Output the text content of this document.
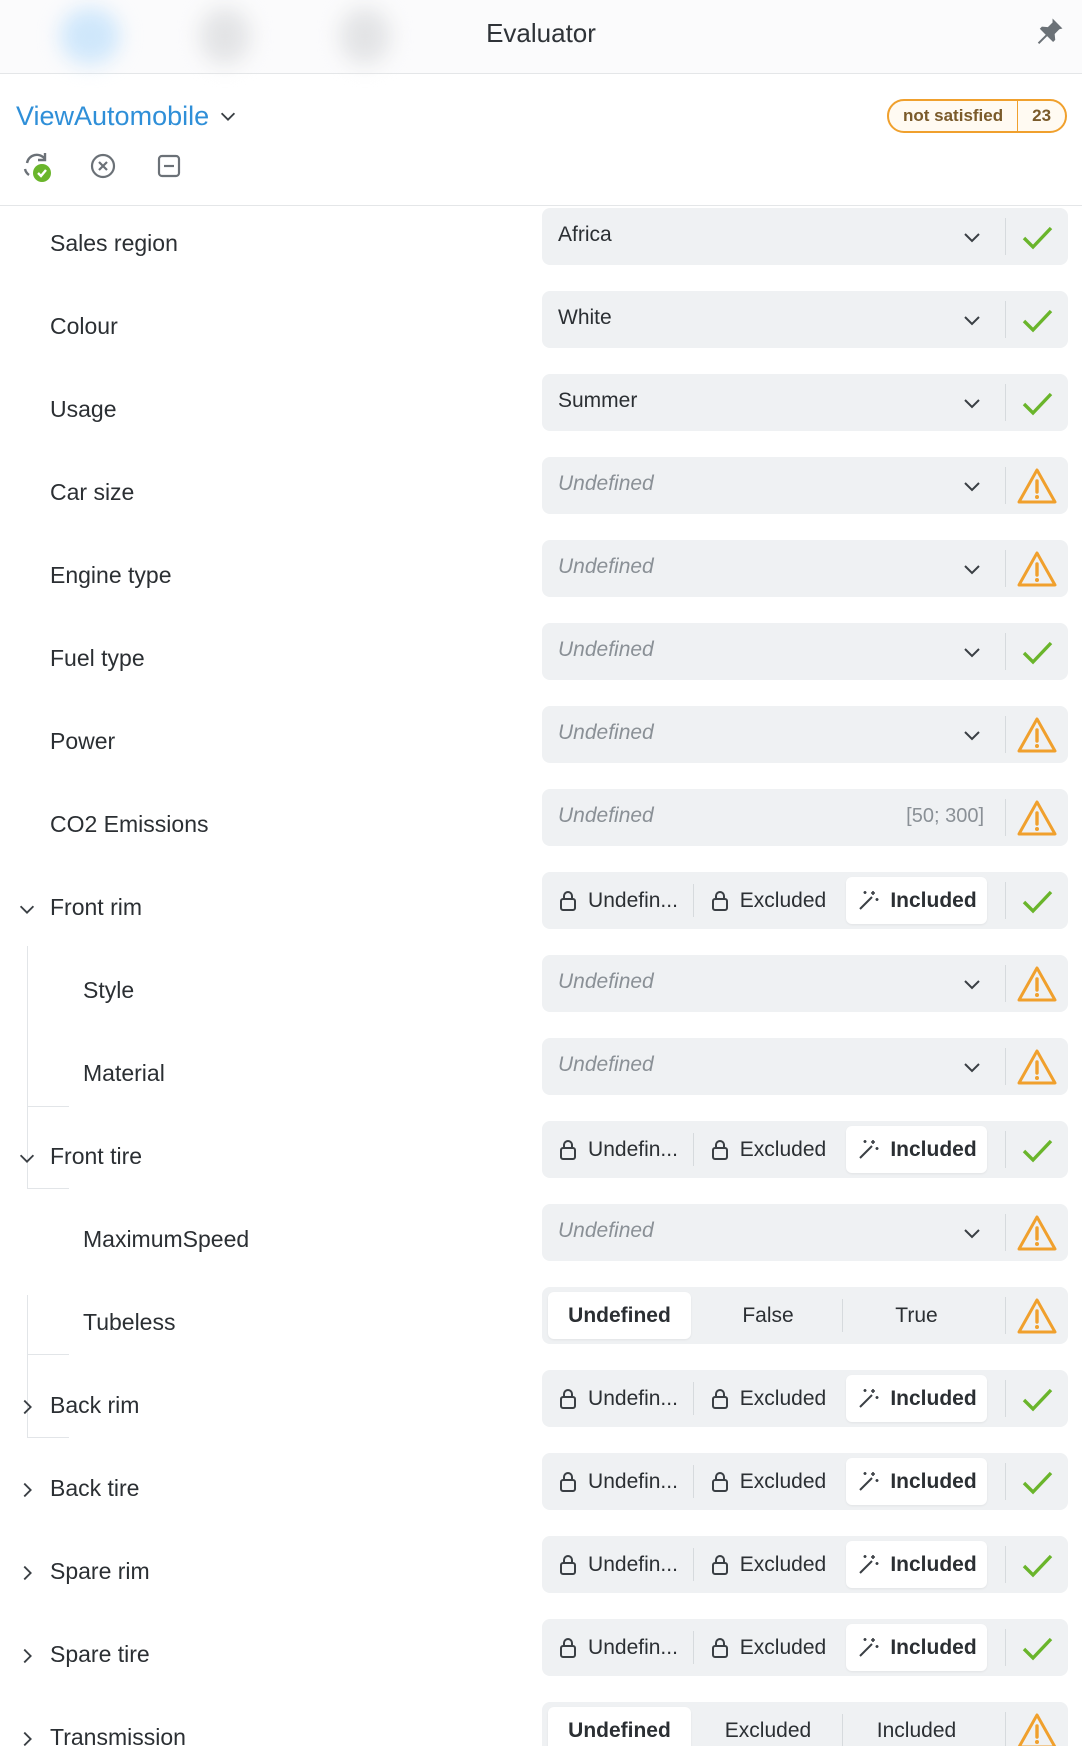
Evaluator
ViewAutomobile	not satisfied	23
Sales region	Africa
Colour	White
Usage	Summer
Car size	Undefined
Engine type	Undefined
Fuel type	Undefined
Power	Undefined
CO2 Emissions	Undefined	[50; 300]
Front rim	Undefin...	Excluded	Included
Style	Undefined
Material	Undefined
Front tire	Undefin...	Excluded	Included
MaximumSpeed	Undefined
Tubeless	Undefined	False	True
Back rim	Undefin...	Excluded	Included
Back tire	Undefin...	Excluded	Included
Spare rim	Undefin...	Excluded	Included
Spare tire	Undefin...	Excluded	Included
Transmission	Undefined	Excluded	Included
